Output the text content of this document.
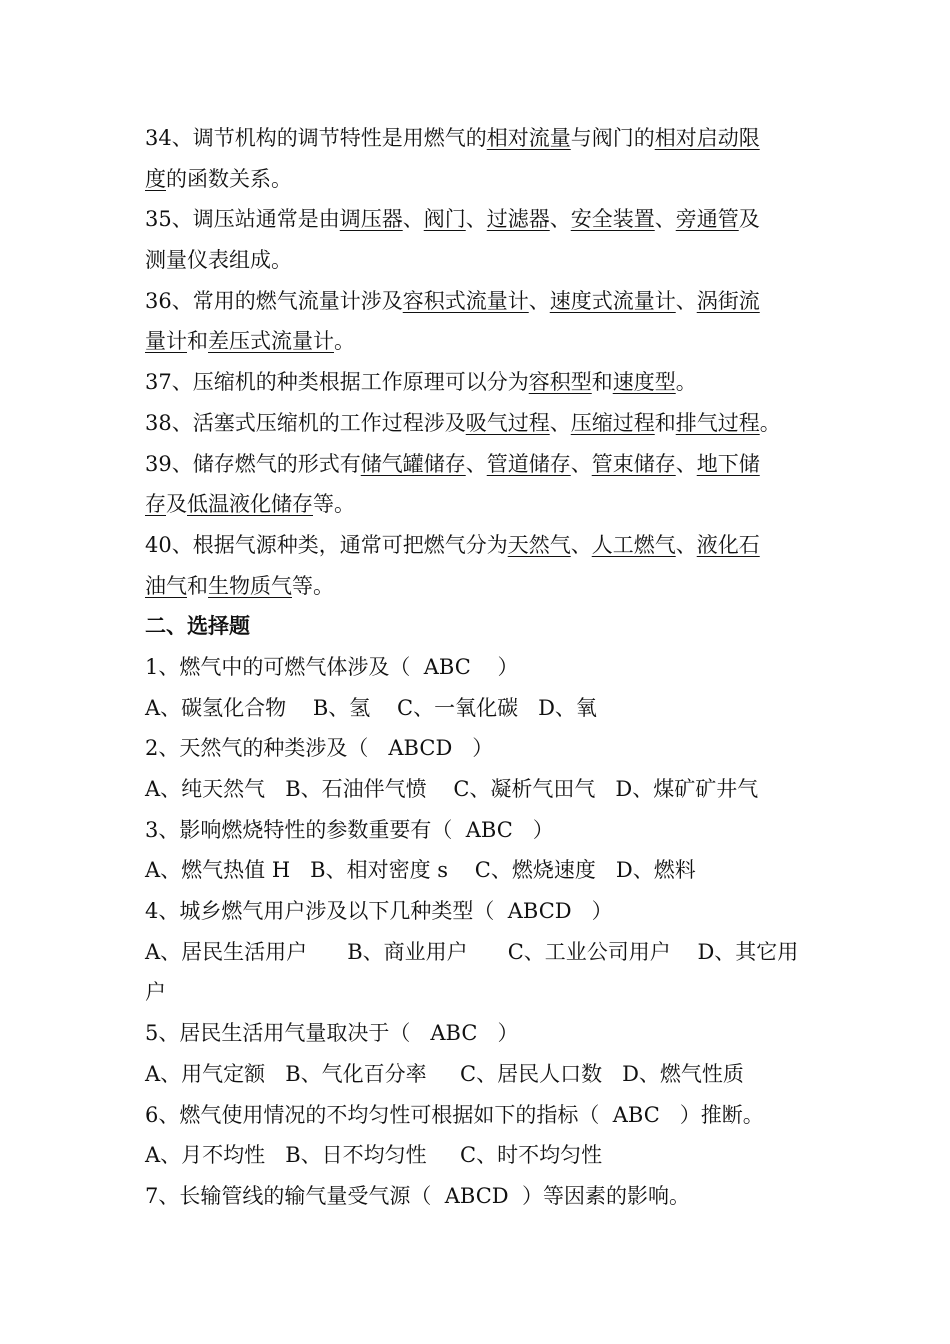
34、调节机构的调节特性是用燃气的相对流量与阀门的相对启动限
度的函数关系。
35、调压站通常是由调压器、阀门、过滤器、安全装置、旁通管及
测量仪表组成。
36、常用的燃气流量计涉及容积式流量计、速度式流量计、涡街流
量计和差压式流量计。
37、压缩机的种类根据工作原理可以分为容积型和速度型。
38、活塞式压缩机的工作过程涉及吸气过程、压缩过程和排气过程。
39、储存燃气的形式有储气罐储存、管道储存、管束储存、地下储
存及低温液化储存等。
40、根据气源种类，通常可把燃气分为天然气、人工燃气、液化石
油气和生物质气等。
二、选择题
1、燃气中的可燃气体涉及（  ABC    ）
A、碳氢化合物    B、氢    C、一氧化碳   D、氧
2、天然气的种类涉及（   ABCD   ）
A、纯天然气   B、石油伴气愤    C、凝析气田气   D、煤矿矿井气
3、影响燃烧特性的参数重要有（  ABC   ）
A、燃气热值 H   B、相对密度 s    C、燃烧速度   D、燃料
4、城乡燃气用户涉及以下几种类型（  ABCD   ）
A、居民生活用户      B、商业用户      C、工业公司用户    D、其它用
户
5、居民生活用气量取决于（   ABC   ）
A、用气定额   B、气化百分率     C、居民人口数   D、燃气性质
6、燃气使用情况的不均匀性可根据如下的指标（  ABC   ）推断。
A、月不均性   B、日不均匀性     C、时不均匀性
7、长输管线的输气量受气源（  ABCD  ）等因素的影响。
